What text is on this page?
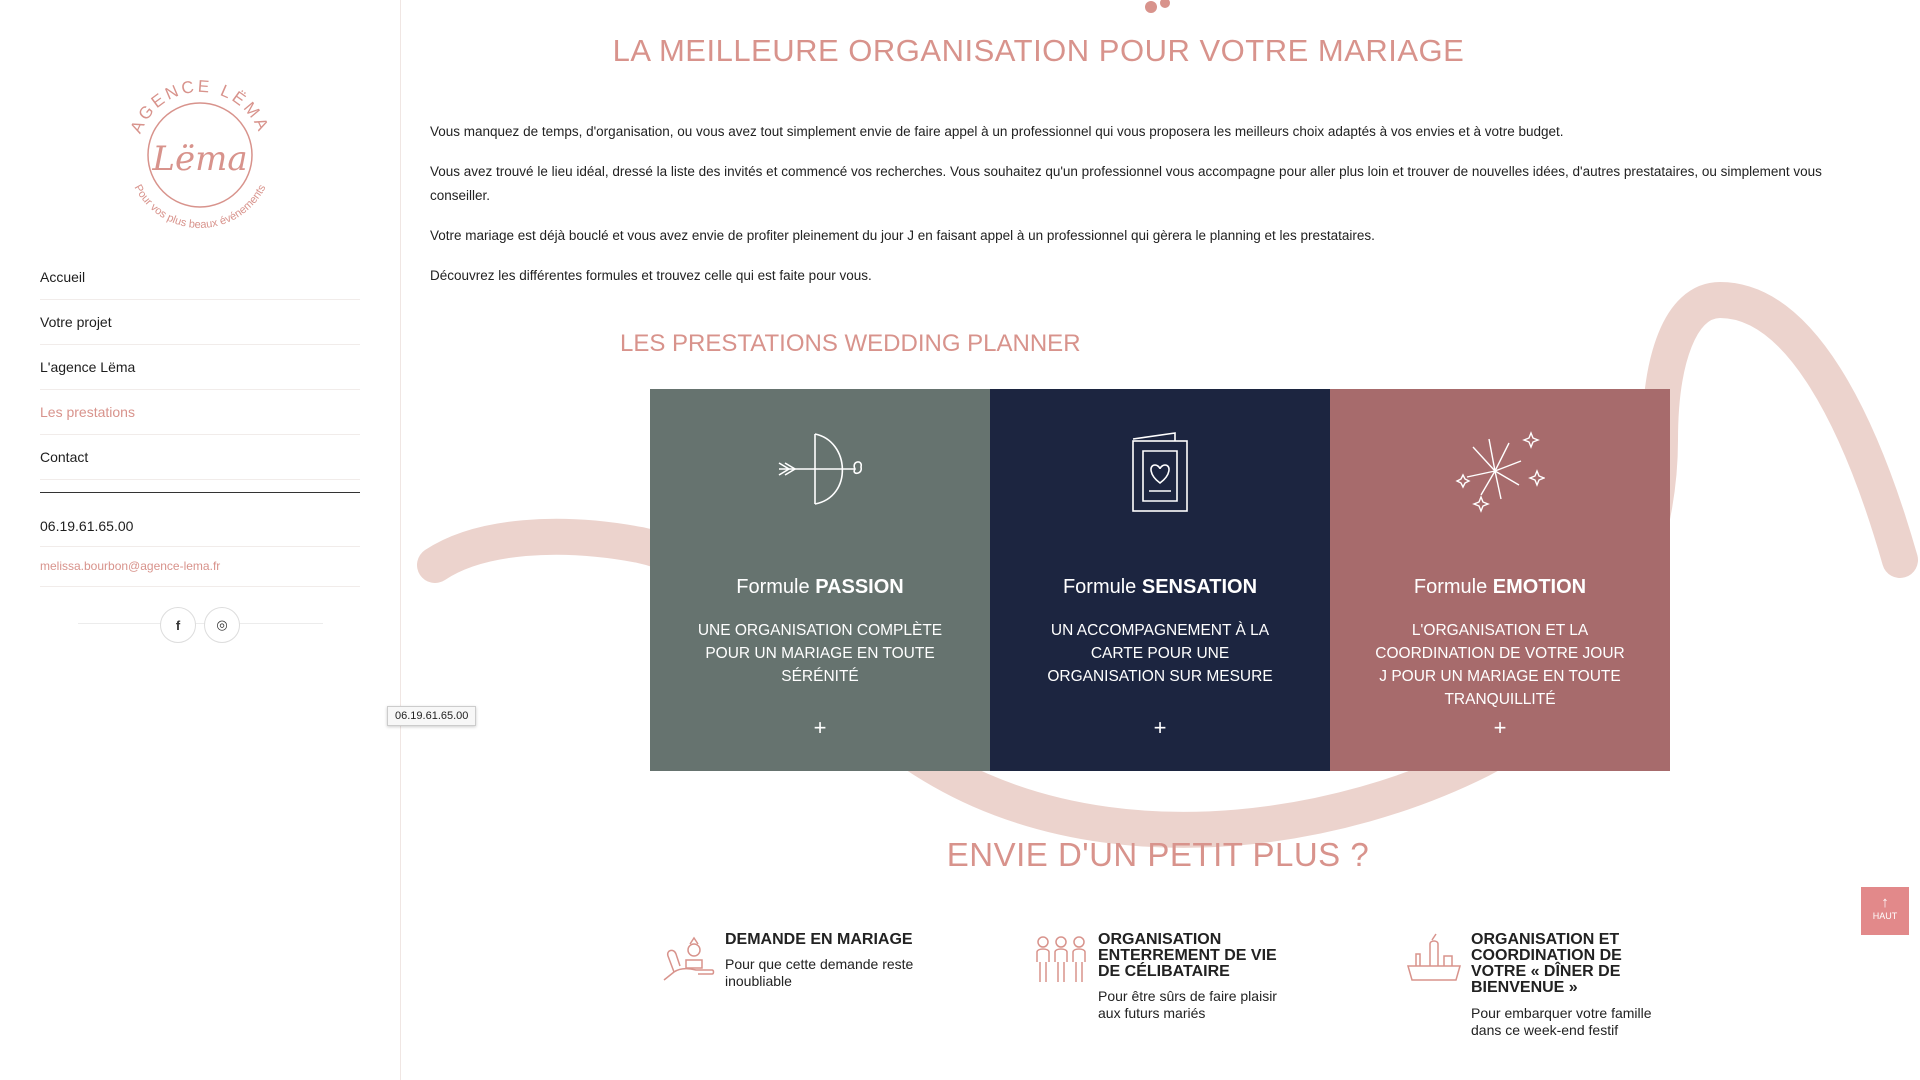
AGENCE LËMA
Lëma
Pour vos plus beaux événements
Accueil
Votre projet
L'agence Lëma
Les prestations
Contact
06.19.61.65.00
melissa.bourbon@agence-lema.fr
f	◎
06.19.61.65.00
LA MEILLEURE ORGANISATION POUR VOTRE MARIAGE

Vous manquez de temps, d'organisation, ou vous avez tout simplement envie de faire appel à un professionnel qui vous proposera les meilleurs choix adaptés à vos envies et à votre budget.

Vous avez trouvé le lieu idéal, dressé la liste des invités et commencé vos recherches. Vous souhaitez qu'un professionnel vous accompagne pour aller plus loin et trouver de nouvelles idées, d'autres prestataires, ou simplement vous conseiller.

Votre mariage est déjà bouclé et vous avez envie de profiter pleinement du jour J en faisant appel à un professionnel qui gèrera le planning et les prestataires.

Découvrez les différentes formules et trouvez celle qui est faite pour vous.

LES PRESTATIONS WEDDING PLANNER
Formule PASSION
UNE ORGANISATION COMPLÈTE POUR UN MARIAGE EN TOUTE SÉRÉNITÉ
+
Formule SENSATION
UN ACCOMPAGNEMENT À LA CARTE POUR UNE ORGANISATION SUR MESURE
+
Formule EMOTION
L'ORGANISATION ET LA COORDINATION DE VOTRE JOUR J POUR UN MARIAGE EN TOUTE TRANQUILLITÉ
+
ENVIE D'UN PETIT PLUS ?
DEMANDE EN MARIAGE
Pour que cette demande reste inoubliable
ORGANISATION ENTERREMENT DE VIE DE CÉLIBATAIRE
Pour être sûrs de faire plaisir aux futurs mariés
ORGANISATION ET COORDINATION DE VOTRE « DÎNER DE BIENVENUE »
Pour embarquer votre famille dans ce week-end festif
↑
HAUT
